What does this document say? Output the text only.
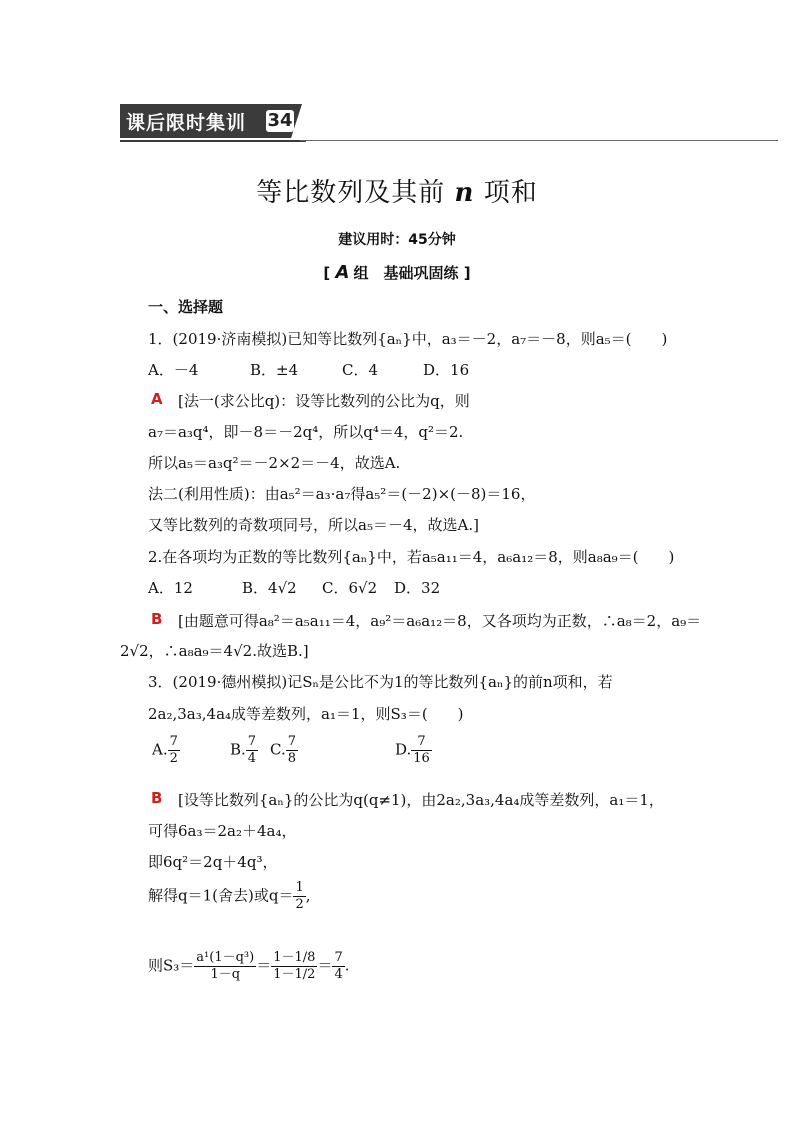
课后限时集训 34
等比数列及其前 n 项和
建议用时：45分钟
[ A 组　基础巩固练 ]
一、选择题
1．(2019·济南模拟)已知等比数列{aₙ}中，a₃＝－2，a₇＝－8，则a₅＝(　　)
A．－4	B．±4	C．4	D．16
A [法一(求公比q)：设等比数列的公比为q，则
a₇＝a₃q⁴，即－8＝－2q⁴，所以q⁴＝4，q²＝2.
所以a₅＝a₃q²＝－2×2＝－4，故选A.
法二(利用性质)：由a₅²＝a₃·a₇得a₅²＝(－2)×(－8)＝16，
又等比数列的奇数项同号，所以a₅＝－4，故选A.]
2.在各项均为正数的等比数列{aₙ}中，若a₅a₁₁＝4，a₆a₁₂＝8，则a₈a₉＝(　　)
A．12	B．4√2 C．6√2 D．32
B [由题意可得a₈²＝a₅a₁₁＝4，a₉²＝a₆a₁₂＝8，又各项均为正数，∴a₈＝2，a₉＝
2√2，∴a₈a₉＝4√2.故选B.]
3．(2019·德州模拟)记Sₙ是公比不为1的等比数列{aₙ}的前n项和，若
2a₂,3a₃,4a₄成等差数列，a₁＝1，则S₃＝(　　)
A. $\frac{7}{2}$	B. $\frac{7}{4} C$. $\frac{7}{8}$	D. $\frac{7}{16}$
B [设等比数列{aₙ}的公比为q(q≠1)，由2a₂,3a₃,4a₄成等差数列，a₁＝1，
可得6a₃＝2a₂＋4a₄，
即6q²＝2q＋4q³，
解得q＝1(舍去)或$q= \frac{1}{2}$ ,
则$S_3= \frac{\text{a¹(1－q³)}}{1-q} = \frac{1-1/8}{1-1/2} = \frac{7}{4}$ .
